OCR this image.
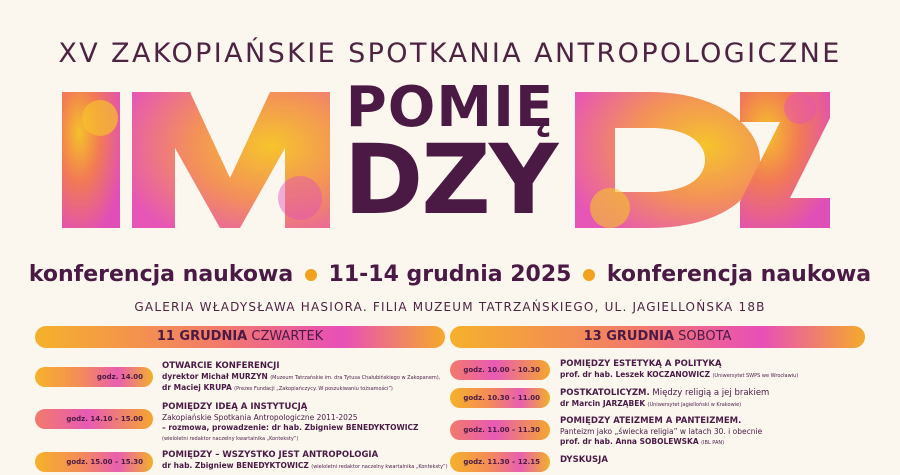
XV ZAKOPIAŃSKIE SPOTKANIA ANTROPOLOGICZNE
POMIĘ
DZY
konferencja naukowa 11-14 grudnia 2025 konferencja naukowa
GALERIA WŁADYSŁAWA HASIORA. FILIA MUZEUM TATRZAŃSKIEGO, UL. JAGIELLOŃSKA 18B
11 GRUDNIA CZWARTEK	13 GRUDNIA SOBOTA
godz. 14.00
OTWARCIE KONFERENCJI
dyrektor Michał MURZYN (Muzeum Tatrzańskie im. dra Tytusa Chałubińskiego w Zakopanem),
dr Maciej KRUPA (Prezes Fundacji „Zakopiańczycy. W poszukiwaniu tożsamości”)
godz. 14.10 – 15.00
POMIĘDZY IDEĄ A INSTYTUCJĄ
Zakopiańskie Spotkania Antropologiczne 2011-2025
– rozmowa, prowadzenie: dr hab. Zbigniew BENEDYKTOWICZ
(wieloletni redaktor naczelny kwartalnika „Konteksty”)
godz. 15.00 – 15.30
POMIĘDZY – WSZYSTKO JEST ANTROPOLOGIA
dr hab. Zbigniew BENEDYKTOWICZ (wieloletni redaktor naczelny kwartalnika „Konteksty”)
godz. 10.00 – 10.30
POMIĘDZY ESTETYKĄ A POLITYKĄ
prof. dr hab. Leszek KOCZANOWICZ (Uniwersytet SWPS we Wrocławiu)
godz. 10.30 – 11.00	POSTKATOLICYZM. Między religią a jej brakiem
dr Marcin JARZĄBEK (Uniwersytet Jagielloński w Krakowie)
godz. 11.00 – 11.30
POMIĘDZY ATEIZMEM A PANTEIZMEM.
Panteizm jako „świecka religia” w latach 30. i obecnie
prof. dr hab. Anna SOBOLEWSKA (IBL PAN)
godz. 11.30 – 12.15	DYSKUSJA
